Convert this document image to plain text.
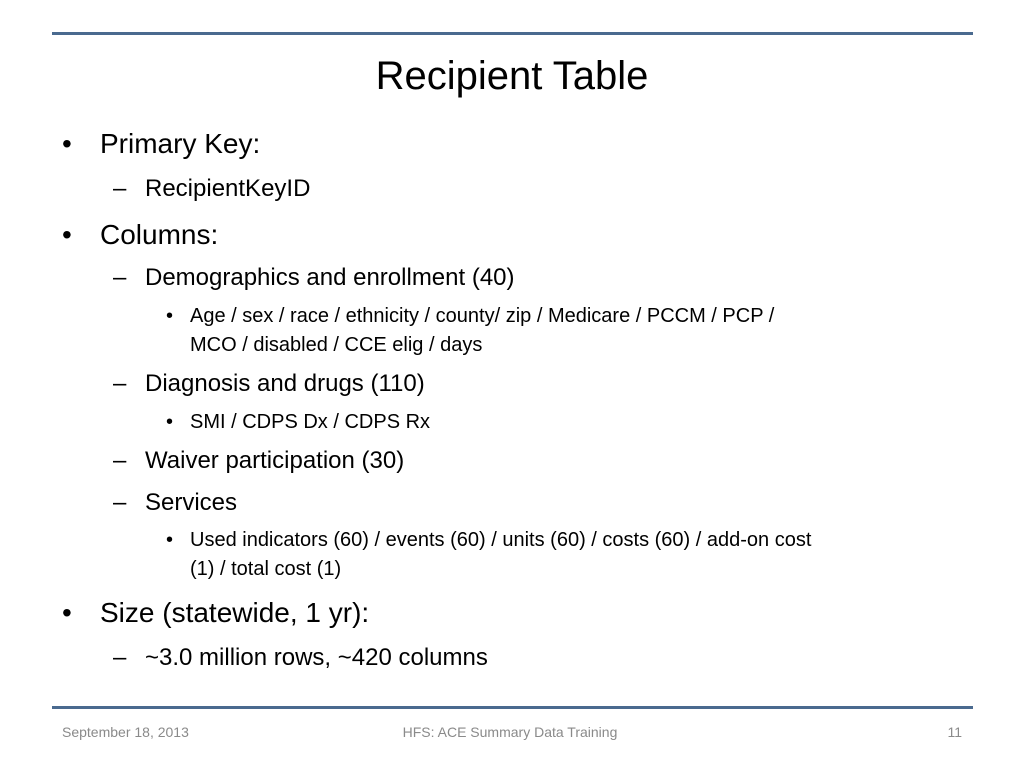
Recipient Table
• Primary Key:
– RecipientKeyID
• Columns:
– Demographics and enrollment (40)
• Age / sex / race / ethnicity / county/ zip / Medicare / PCCM / PCP /
MCO / disabled / CCE elig / days
– Diagnosis and drugs (110)
• SMI / CDPS Dx / CDPS Rx
– Waiver participation (30)
– Services
• Used indicators (60) / events (60) / units (60) / costs (60) / add-on cost
(1) / total cost (1)
• Size (statewide, 1 yr):
– ~3.0 million rows, ~420 columns
September 18, 2013	HFS: ACE Summary Data Training	11
